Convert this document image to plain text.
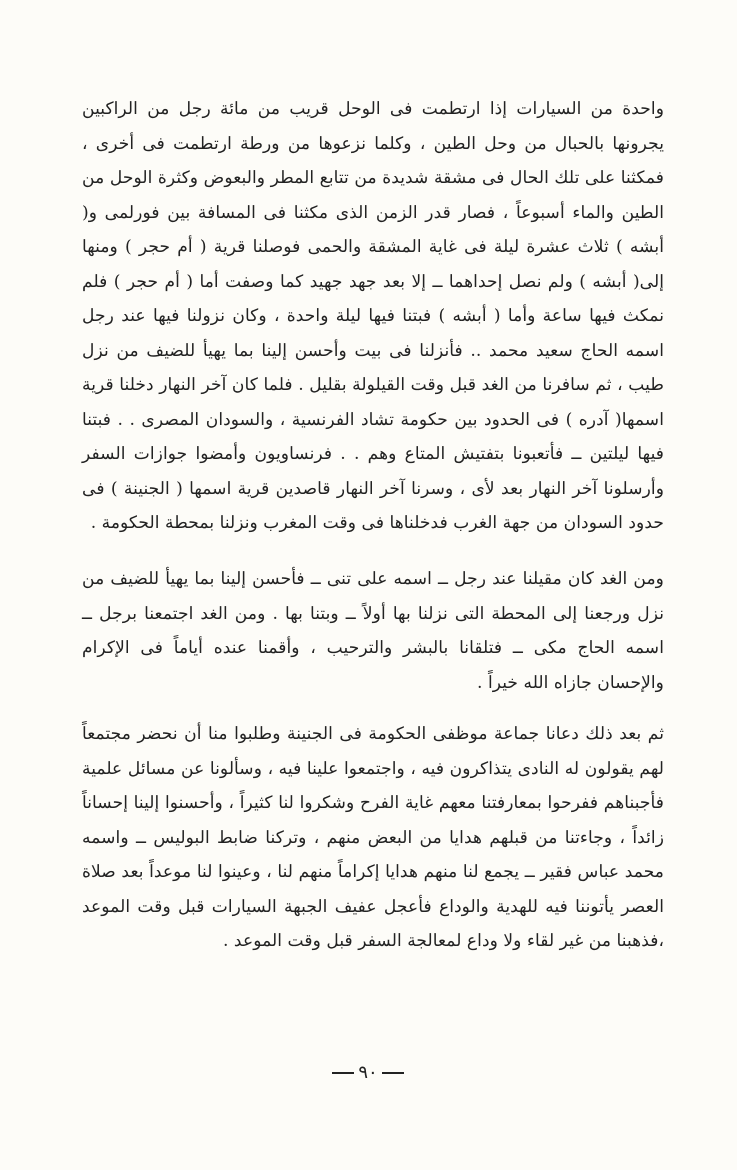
واحدة من السيارات إذا ارتطمت فى الوحل قريب من مائة رجل من الراكبين يجرونها بالحبال من وحل الطين ، وكلما نزعوها من ورطة ارتطمت فى أخرى ، فمكثنا على تلك الحال فى مشقة شديدة من تتابع المطر والبعوض وكثرة الوحل من الطين والماء أسبوعاً ، فصار قدر الزمن الذى مكثنا فى المسافة بين فورلمى و( أبشه ) ثلاث عشرة ليلة فى غاية المشقة والحمى فوصلنا قرية ( أم حجر ) ومنها إلى( أبشه ) ولم نصل إحداهما ــ إلا بعد جهد جهيد كما وصفت أما ( أم حجر ) فلم نمكث فيها ساعة وأما ( أبشه ) فبتنا فيها ليلة واحدة ، وكان نزولنا فيها عند رجل اسمه الحاج سعيد محمد .. فأنزلنا فى بيت وأحسن إلينا بما يهيأ للضيف من نزل طيب ، ثم سافرنا من الغد قبل وقت القيلولة بقليل . فلما كان آخر النهار دخلنا قرية اسمها( آدره ) فى الحدود بين حكومة تشاد الفرنسية ، والسودان المصرى . . فبتنا فيها ليلتين ــ فأتعبونا بتفتيش المتاع وهم . . فرنساويون وأمضوا جوازات السفر وأرسلونا آخر النهار بعد لأى ، وسرنا آخر النهار قاصدين قرية اسمها ( الجنينة ) فى حدود السودان من جهة الغرب فدخلناها فى وقت المغرب ونزلنا بمحطة الحكومة .

ومن الغد كان مقيلنا عند رجل ــ اسمه على تنى ــ فأحسن إلينا بما يهيأ للضيف من نزل ورجعنا إلى المحطة التى نزلنا بها أولاً ــ وبتنا بها . ومن الغد اجتمعنا برجل ــ اسمه الحاج مكى ــ فتلقانا بالبشر والترحيب ، وأقمنا عنده أياماً فى الإكرام والإحسان جازاه الله خيراً .

ثم بعد ذلك دعانا جماعة موظفى الحكومة فى الجنينة وطلبوا منا أن نحضر مجتمعاً لهم يقولون له النادى يتذاكرون فيه ، واجتمعوا علينا فيه ، وسألونا عن مسائل علمية فأجبناهم ففرحوا بمعارفتنا معهم غاية الفرح وشكروا لنا كثيراً ، وأحسنوا إلينا إحساناً زائداً ، وجاءتنا من قبلهم هدايا من البعض منهم ، وتركنا ضابط البوليس ــ واسمه محمد عباس فقير ــ يجمع لنا منهم هدايا إكراماً منهم لنا ، وعينوا لنا موعداً بعد صلاة العصر يأتوننا فيه للهدية والوداع فأعجل عفيف الجبهة السيارات قبل وقت الموعد ،فذهبنا من غير لقاء ولا وداع لمعالجة السفر قبل وقت الموعد .

٩٠
